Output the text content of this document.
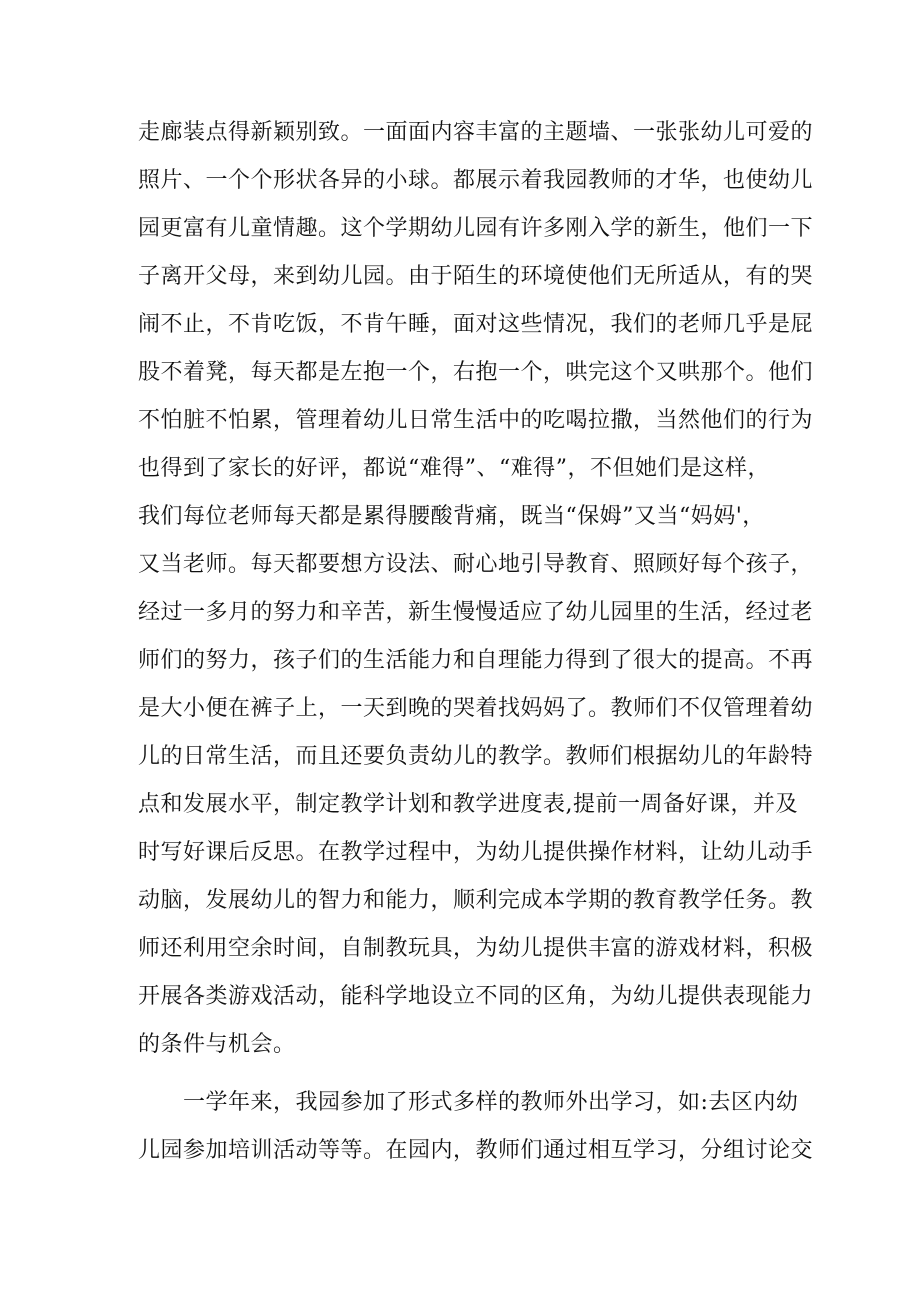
走廊装点得新颖别致。一面面内容丰富的主题墙、一张张幼儿可爱的
照片、一个个形状各异的小球。都展示着我园教师的才华，也使幼儿
园更富有儿童情趣。这个学期幼儿园有许多刚入学的新生，他们一下
子离开父母，来到幼儿园。由于陌生的环境使他们无所适从，有的哭
闹不止，不肯吃饭，不肯午睡，面对这些情况，我们的老师几乎是屁
股不着凳，每天都是左抱一个，右抱一个，哄完这个又哄那个。他们
不怕脏不怕累，管理着幼儿日常生活中的吃喝拉撒，当然他们的行为
也得到了家长的好评，都说“难得”、“难得”，不但她们是这样，
我们每位老师每天都是累得腰酸背痛，既当“保姆”又当“妈妈'，
又当老师。每天都要想方设法、耐心地引导教育、照顾好每个孩子，
经过一多月的努力和辛苦，新生慢慢适应了幼儿园里的生活，经过老
师们的努力，孩子们的生活能力和自理能力得到了很大的提高。不再
是大小便在裤子上，一天到晚的哭着找妈妈了。教师们不仅管理着幼
儿的日常生活，而且还要负责幼儿的教学。教师们根据幼儿的年龄特
点和发展水平，制定教学计划和教学进度表,提前一周备好课，并及
时写好课后反思。在教学过程中，为幼儿提供操作材料，让幼儿动手
动脑，发展幼儿的智力和能力，顺利完成本学期的教育教学任务。教
师还利用空余时间，自制教玩具，为幼儿提供丰富的游戏材料，积极
开展各类游戏活动，能科学地设立不同的区角，为幼儿提供表现能力
的条件与机会。
　　一学年来，我园参加了形式多样的教师外出学习，如:去区内幼
儿园参加培训活动等等。在园内，教师们通过相互学习，分组讨论交
